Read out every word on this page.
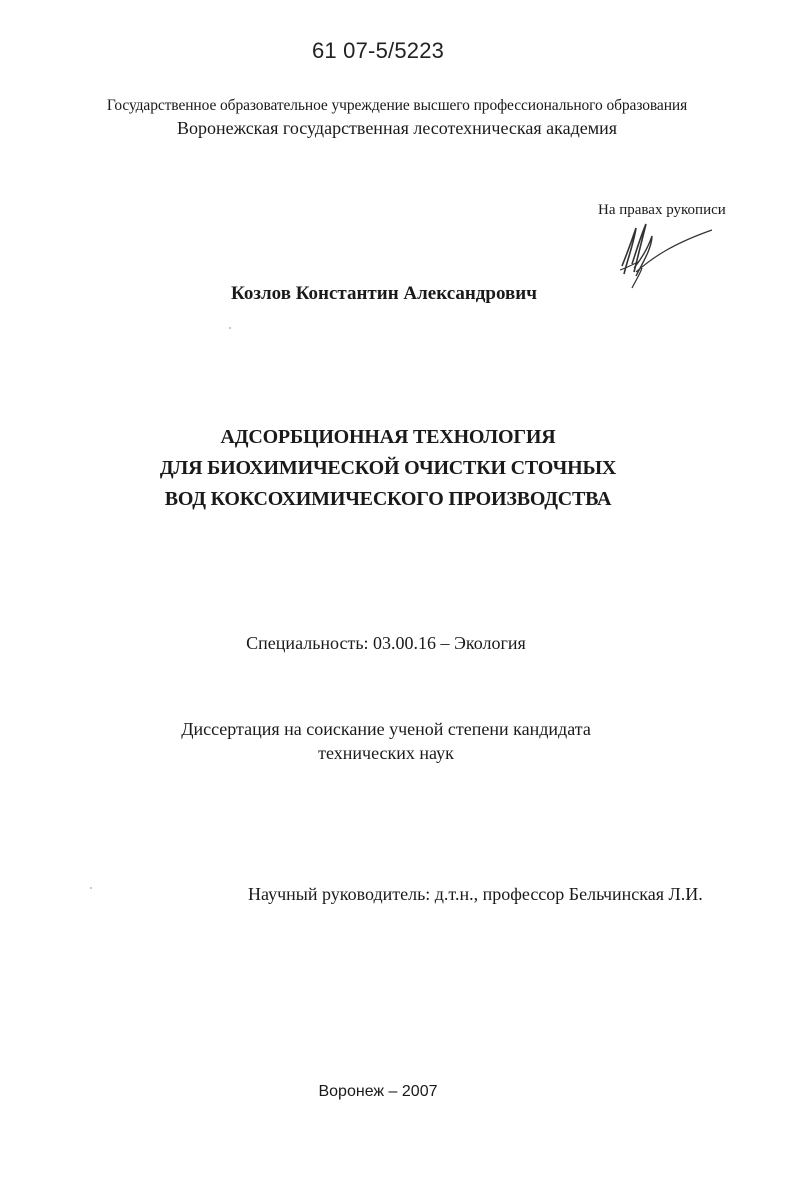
61 07-5/5223
Государственное образовательное учреждение высшего профессионального образования
Воронежская государственная лесотехническая академия
На правах рукописи
Козлов Константин Александрович
АДСОРБЦИОННАЯ ТЕХНОЛОГИЯ
ДЛЯ БИОХИМИЧЕСКОЙ ОЧИСТКИ СТОЧНЫХ
ВОД КОКСОХИМИЧЕСКОГО ПРОИЗВОДСТВА
Специальность: 03.00.16 – Экология
Диссертация на соискание ученой степени кандидата
технических наук
Научный руководитель: д.т.н., профессор Бельчинская Л.И.
Воронеж – 2007
